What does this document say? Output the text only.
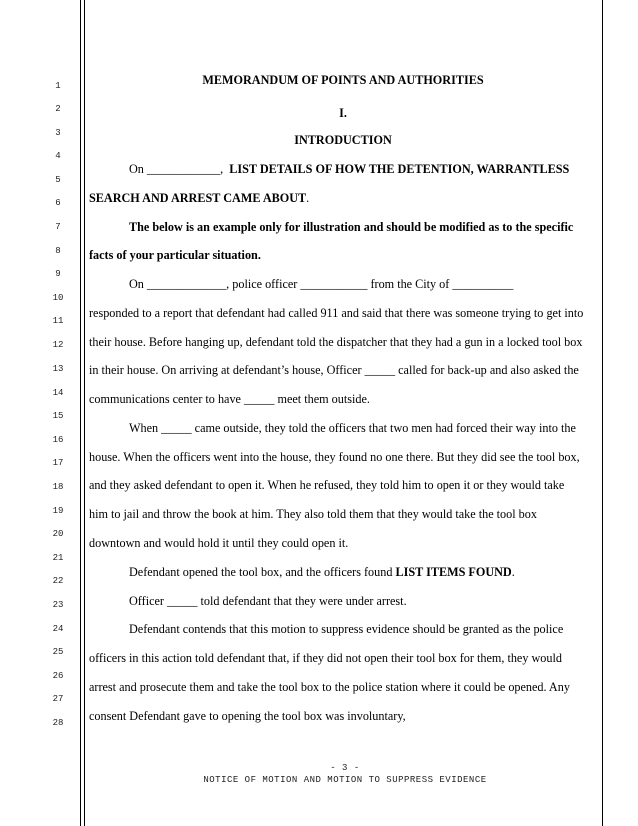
1
2
3
4
5
6
7
8
9
10
11
12
13
14
15
16
17
18
19
20
21
22
23
24
25
26
27
28
MEMORANDUM OF POINTS AND AUTHORITIES
I.
INTRODUCTION
On ____________, LIST DETAILS OF HOW THE DETENTION, WARRANTLESS
SEARCH AND ARREST CAME ABOUT.
The below is an example only for illustration and should be modified as to the specific
facts of your particular situation.
On _____________, police officer ___________ from the City of __________
responded to a report that defendant had called 911 and said that there was someone trying to get into
their house. Before hanging up, defendant told the dispatcher that they had a gun in a locked tool box
in their house. On arriving at defendant’s house, Officer _____ called for back-up and also asked the
communications center to have _____ meet them outside.
When _____ came outside, they told the officers that two men had forced their way into the
house. When the officers went into the house, they found no one there. But they did see the tool box,
and they asked defendant to open it. When he refused, they told him to open it or they would take
him to jail and throw the book at him. They also told them that they would take the tool box
downtown and would hold it until they could open it.
Defendant opened the tool box, and the officers found LIST ITEMS FOUND.
Officer _____ told defendant that they were under arrest.
Defendant contends that this motion to suppress evidence should be granted as the police
officers in this action told defendant that, if they did not open their tool box for them, they would
arrest and prosecute them and take the tool box to the police station where it could be opened. Any
consent Defendant gave to opening the tool box was involuntary,
- 3 -
NOTICE OF MOTION AND MOTION TO SUPPRESS EVIDENCE
